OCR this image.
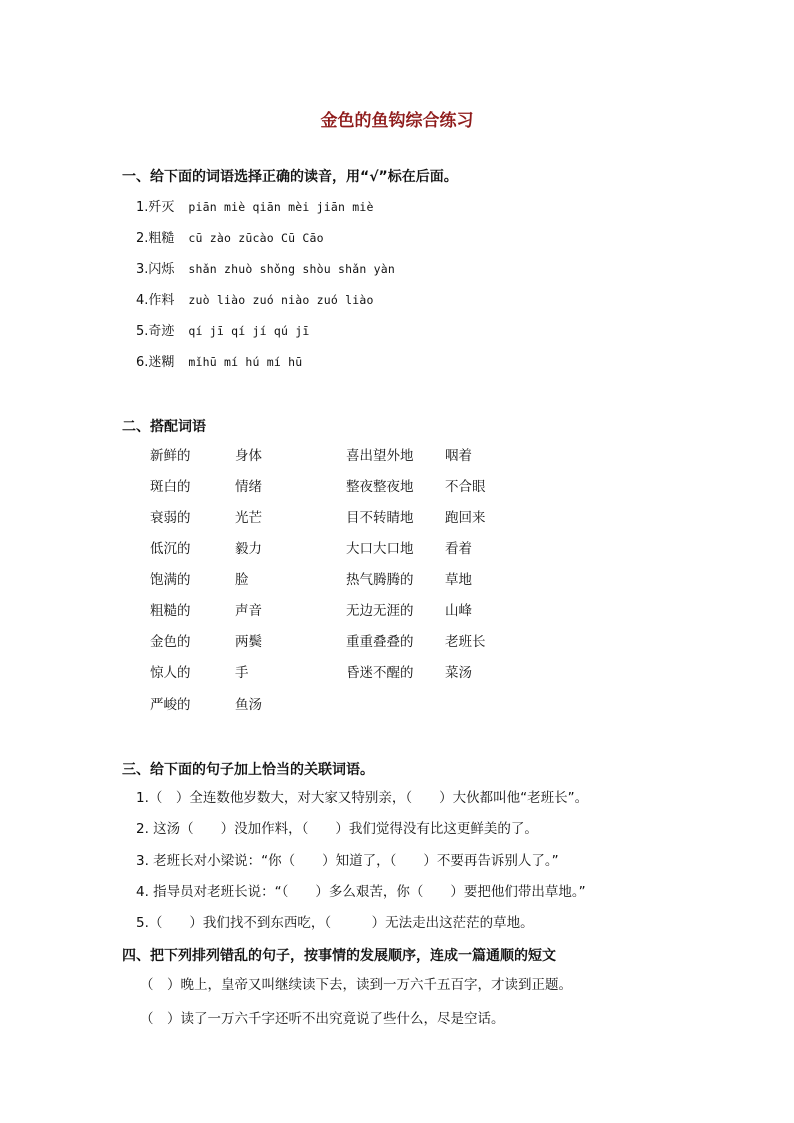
金色的鱼钩综合练习
一、给下面的词语选择正确的读音，用“√”标在后面。
1.歼灭 piān miè qiān mèi jiān miè
2.粗糙 cū zào zūcào Cū Cāo
3.闪烁 shǎn zhuò shǒng shòu shǎn yàn
4.作料 zuò liào zuó niào zuó liào
5.奇迹 qí jī qí jí qú jī
6.迷糊 mǐhū mí hú mí hū
二、搭配词语
新鲜的	身体	喜出望外地 咽着
斑白的	情绪	整夜整夜地 不合眼
衰弱的	光芒	目不转睛地 跑回来
低沉的	毅力	大口大口地 看着
饱满的	脸	热气腾腾的 草地
粗糙的	声音	无边无涯的 山峰
金色的	两鬓	重重叠叠的 老班长
惊人的	手	昏迷不醒的 菜汤
严峻的	鱼汤
三、给下面的句子加上恰当的关联词语。
1.（　）全连数他岁数大，对大家又特别亲，（　　）大伙都叫他“老班长”。
2. 这汤（　　）没加作料，（　　）我们觉得没有比这更鲜美的了。
3. 老班长对小梁说：“你（　　）知道了，（　　）不要再告诉别人了。”
4. 指导员对老班长说：“（　　）多么艰苦，你（　　）要把他们带出草地。”
5.（　　）我们找不到东西吃，（　　　）无法走出这茫茫的草地。
四、把下列排列错乱的句子，按事情的发展顺序，连成一篇通顺的短文
（　）晚上，皇帝又叫继续读下去，读到一万六千五百字，才读到正题。
（　）读了一万六千字还听不出究竟说了些什么，尽是空话。
